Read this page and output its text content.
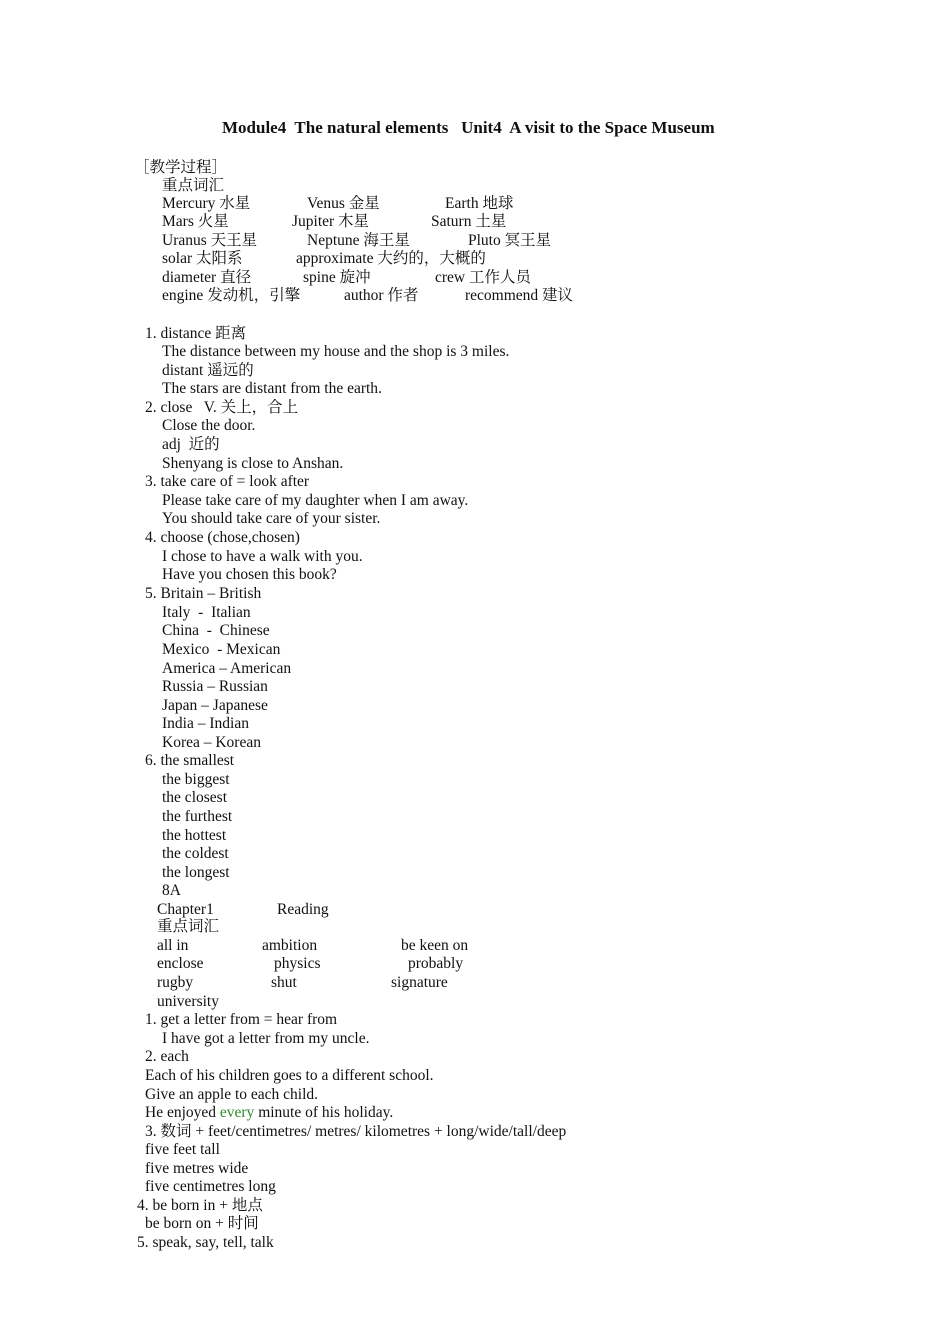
Module4  The natural elements   Unit4  A visit to the Space Museum
［教学过程］
重点词汇
Mercury 水星	Venus 金星	Earth 地球
Mars 火星	Jupiter 木星	Saturn 土星
Uranus 天王星	Neptune 海王星	Pluto 冥王星
solar 太阳系	approximate 大约的，大概的
diameter 直径	spine 旋冲	crew 工作人员
engine 发动机，引擎	author 作者	recommend 建议
1. distance 距离
The distance between my house and the shop is 3 miles.
distant 遥远的
The stars are distant from the earth.
2. close   V. 关上，合上
Close the door.
adj  近的
Shenyang is close to Anshan.
3. take care of = look after
Please take care of my daughter when I am away.
You should take care of your sister.
4. choose (chose,chosen)
I chose to have a walk with you.
Have you chosen this book?
5. Britain – British
Italy  -  Italian
China  -  Chinese
Mexico  - Mexican
America – American
Russia – Russian
Japan – Japanese
India – Indian
Korea – Korean
6. the smallest
the biggest
the closest
the furthest
the hottest
the coldest
the longest
8A
Chapter1	Reading
重点词汇
all in	ambition	be keen on
enclose	physics	probably
rugby	shut	signature
university
1. get a letter from = hear from
I have got a letter from my uncle.
2. each
Each of his children goes to a different school.
Give an apple to each child.
He enjoyed every minute of his holiday.
3. 数词 + feet/centimetres/ metres/ kilometres + long/wide/tall/deep
five feet tall
five metres wide
five centimetres long
4. be born in + 地点
be born on + 时间
5. speak, say, tell, talk
